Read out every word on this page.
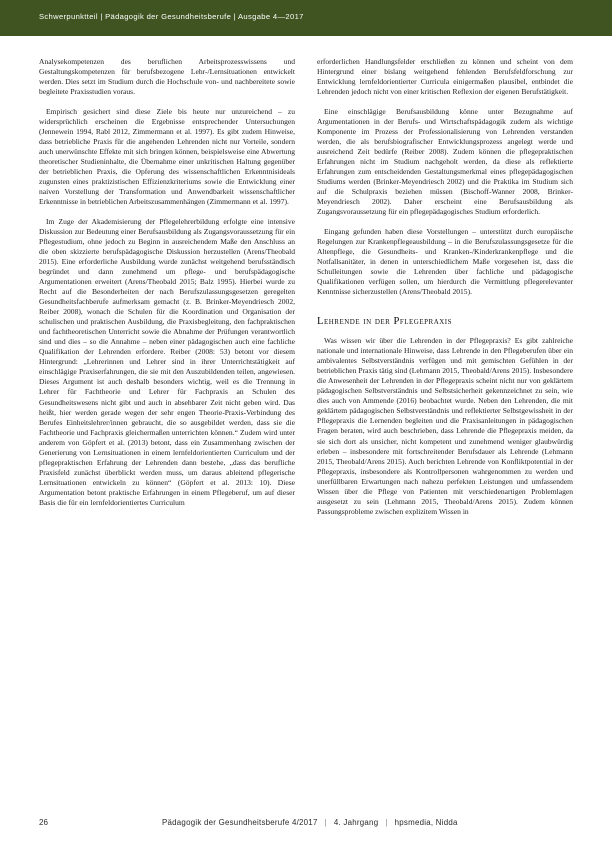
Schwerpunktteil | Pädagogik der Gesundheitsberufe | Ausgabe 4—2017

Analysekompetenzen des beruflichen Arbeitsprozesswissens und Gestaltungskompetenzen für berufsbezogene Lehr-/Lernsituationen entwickelt werden. Dies setzt im Studium durch die Hochschule von- und nachbereitete sowie begleitete Praxisstudien voraus.

Empirisch gesichert sind diese Ziele bis heute nur unzureichend – zu widersprüchlich erscheinen die Ergebnisse entsprechender Untersuchungen (Jennewein 1994, Rabl 2012, Zimmermann et al. 1997). Es gibt zudem Hinweise, dass betriebliche Praxis für die angehenden Lehrenden nicht nur Vorteile, sondern auch unerwünschte Effekte mit sich bringen können, beispielsweise eine Abwertung theoretischer Studieninhalte, die Übernahme einer unkritischen Haltung gegenüber der betrieblichen Praxis, die Opferung des wissenschaftlichen Erkenntnisideals zugunsten eines praktizistischen Effizienzkriteriums sowie die Entwicklung einer naiven Vorstellung der Transformation und Anwendbarkeit wissenschaftlicher Erkenntnisse in betrieblichen Arbeitszusammenhängen (Zimmermann et al. 1997).

Im Zuge der Akademisierung der Pflegelehrerbildung erfolgte eine intensive Diskussion zur Bedeutung einer Berufsausbildung als Zugangsvoraussetzung für ein Pflegestudium, ohne jedoch zu Beginn in ausreichendem Maße den Anschluss an die oben skizzierte berufspädagogische Diskussion herzustellen (Arens/Theobald 2015). Eine erforderliche Ausbildung wurde zunächst weitgehend berufsständisch begründet und dann zunehmend um pflege- und berufspädagogische Argumentationen erweitert (Arens/Theobald 2015; Balz 1995). Hierbei wurde zu Recht auf die Besonderheiten der nach Berufszulassungsgesetzen geregelten Gesundheitsfachberufe aufmerksam gemacht (z. B. Brinker-Meyendriesch 2002, Reiber 2008), wonach die Schulen für die Koordination und Organisation der schulischen und praktischen Ausbildung, die Praxisbegleitung, den fachpraktischen und fachtheoretischen Unterricht sowie die Abnahme der Prüfungen verantwortlich sind und dies – so die Annahme – neben einer pädagogischen auch eine fachliche Qualifikation der Lehrenden erfordere. Reiber (2008: 53) betont vor diesem Hintergrund: „Lehrerinnen und Lehrer sind in ihrer Unterrichtstätigkeit auf einschlägige Praxiserfahrungen, die sie mit den Auszubildenden teilen, angewiesen. Dieses Argument ist auch deshalb besonders wichtig, weil es die Trennung in Lehrer für Fachtheorie und Lehrer für Fachpraxis an Schulen des Gesundheitswesens nicht gibt und auch in absehbarer Zeit nicht geben wird. Das heißt, hier werden gerade wegen der sehr engen Theorie-Praxis-Verbindung des Berufes Einheitslehrer/innen gebraucht, die so ausgebildet werden, dass sie die Fachtheorie und Fachpraxis gleichermaßen unterrichten können.“ Zudem wird unter anderem von Göpfert et al. (2013) betont, dass ein Zusammenhang zwischen der Generierung von Lernsituationen in einem lernfeldorientierten Curriculum und der pflegepraktischen Erfahrung der Lehrenden dann bestehe, „dass das berufliche Praxisfeld zunächst überblickt werden muss, um daraus ableitend pflegerische Lernsituationen entwickeln zu können“ (Göpfert et al. 2013: 10). Diese Argumentation betont praktische Erfahrungen in einem Pflegeberuf, um auf dieser Basis die für ein lernfeldorientiertes Curriculum

erforderlichen Handlungsfelder erschließen zu können und scheint von dem Hintergrund einer bislang weitgehend fehlenden Berufsfeldforschung zur Entwicklung lernfeldorientierter Curricula einigermaßen plausibel, entbindet die Lehrenden jedoch nicht von einer kritischen Reflexion der eigenen Berufstätigkeit.

Eine einschlägige Berufsausbildung könne unter Bezugnahme auf Argumentationen in der Berufs- und Wirtschaftspädagogik zudem als wichtige Komponente im Prozess der Professionalisierung von Lehrenden verstanden werden, die als berufsbiografischer Entwicklungsprozess angelegt werde und ausreichend Zeit bedürfe (Reiber 2008). Zudem können die pflegepraktischen Erfahrungen nicht im Studium nachgeholt werden, da diese als reflektierte Erfahrungen zum entscheidenden Gestaltungsmerkmal eines pflegepädagogischen Studiums werden (Brinker-Meyendriesch 2002) und die Praktika im Studium sich auf die Schulpraxis beziehen müssen (Bischoff-Wanner 2008, Brinker-Meyendriesch 2002). Daher erscheint eine Berufsausbildung als Zugangsvoraussetzung für ein pflegepädagogisches Studium erforderlich.

Eingang gefunden haben diese Vorstellungen – unterstützt durch europäische Regelungen zur Krankenpflegeausbildung – in die Berufszulassungsgesetze für die Altenpflege, die Gesundheits- und Kranken-/Kinderkrankenpflege und die Notfallsanitäter, in denen in unterschiedlichem Maße vorgesehen ist, dass die Schulleitungen sowie die Lehrenden über fachliche und pädagogische Qualifikationen verfügen sollen, um hierdurch die Vermittlung pflegerelevanter Kenntnisse sicherzustellen (Arens/Theobald 2015).

Lehrende in der Pflegepraxis

Was wissen wir über die Lehrenden in der Pflegepraxis? Es gibt zahlreiche nationale und internationale Hinweise, dass Lehrende in den Pflegeberufen über ein ambivalentes Selbstverständnis verfügen und mit gemischten Gefühlen in der betrieblichen Praxis tätig sind (Lehmann 2015, Theobald/Arens 2015). Insbesondere die Anwesenheit der Lehrenden in der Pflegepraxis scheint nicht nur von geklärtem pädagogischen Selbstverständnis und Selbstsicherheit gekennzeichnet zu sein, wie dies auch von Ammende (2016) beobachtet wurde. Neben den Lehrenden, die mit geklärtem pädagogischen Selbstverständnis und reflektierter Selbstgewissheit in der Pflegepraxis die Lernenden begleiten und die Praxisanleitungen in pädagogischen Fragen beraten, wird auch beschrieben, dass Lehrende die Pflegepraxis meiden, da sie sich dort als unsicher, nicht kompetent und zunehmend weniger glaubwürdig erleben – insbesondere mit fortschreitender Berufsdauer als Lehrende (Lehmann 2015, Theobald/Arens 2015). Auch berichten Lehrende von Konfliktpotential in der Pflegepraxis, insbesondere als Kontrollpersonen wahrgenommen zu werden und unerfüllbaren Erwartungen nach nahezu perfekten Leistungen und umfassendem Wissen über die Pflege von Patienten mit verschiedenartigen Problemlagen ausgesetzt zu sein (Lehmann 2015, Theobald/Arens 2015). Zudem können Passungsprobleme zwischen explizitem Wissen in

26	Pädagogik der Gesundheitsberufe 4/2017 | 4. Jahrgang | hpsmedia, Nidda
